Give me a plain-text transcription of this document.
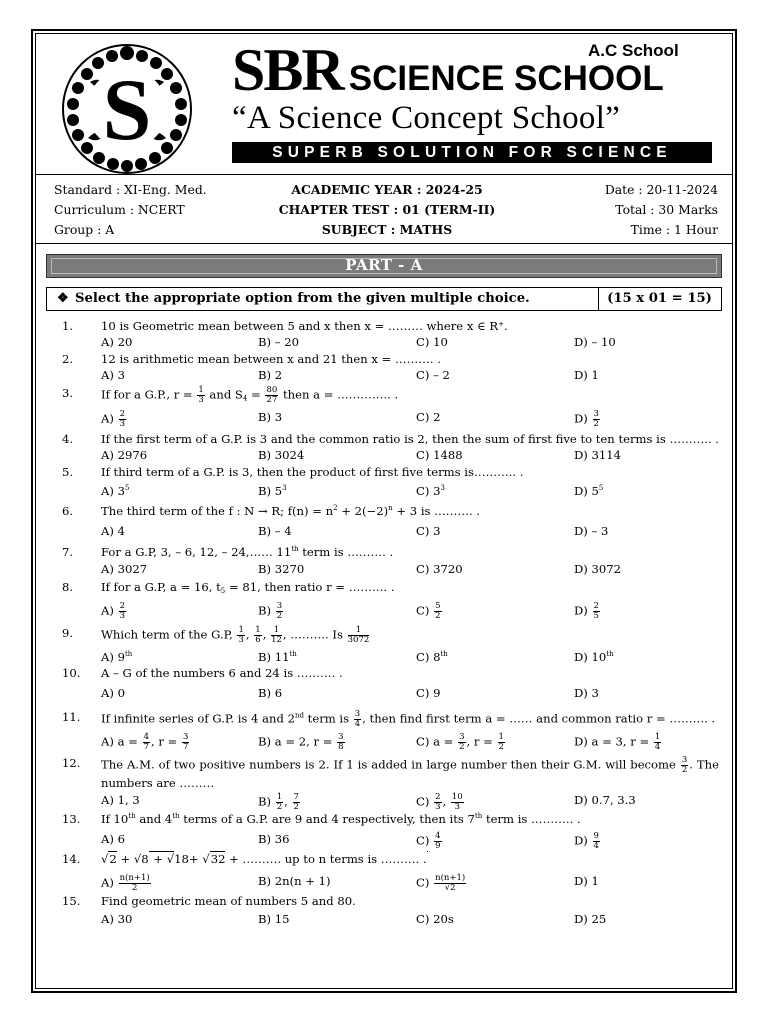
S
A.C School
SBR SCIENCE SCHOOL
“A Science Concept School”
SUPERB SOLUTION FOR SCIENCE
Standard : XI-Eng. Med.
Curriculum : NCERT
Group : A
ACADEMIC YEAR : 2024-25
CHAPTER TEST : 01 (TERM-II)
SUBJECT : MATHS
Date : 20-11-2024
Total : 30 Marks
Time : 1 Hour
PART - A
❖ Select the appropriate option from the given multiple choice.	(15 x 01 = 15)
1. 10 is Geometric mean between 5 and x then x = ……… where x ∈ R⁺.
A) 20	B) – 20	C) 10	D) – 10
2. 12 is arithmetic mean between x and 21 then x = ………. .
A) 3	B) 2	C) – 2	D) 1
3. If for a G.P., $r = \frac{1}{3}$ and $S_4 = \frac{80}{27}$ then a = ………….. .
$A) \frac{2}{3}$	B) 3	C) 2	$D) \frac{3}{2}$
4. If the first term of a G.P. is 3 and the common ratio is 2, then the sum of first five to ten terms is ……….. .
A) 2976	B) 3024	C) 1488	D) 3114
5. If third term of a G.P. is 3, then the product of first five terms is……….. .
A) $3^5$	B) $5^3$	C) $3^3$	D) $5^5$
6. The third term of the f : N → R; $f(n) = n^2 + 2(-2)^n + 3$ is ………. .
A) 4	B) – 4	C) 3	D) – 3
7. For a G.P, 3, – 6, 12, – 24,…… 11th term is ………. .
A) 3027	B) 3270	C) 3720	D) 3072
8. If for a G.P, a = 16, $t_5 = 81$, then ratio r = ………. .
$A) \frac{2}{3}$	$B) \frac{3}{2}$	$C) \frac{5}{2}$	$D) \frac{2}{5}$
9. Which term of the G.P, $\frac{1}{3}$ , $\frac{1}{6}$ , $\frac{1}{12}$ , ………. Is $\frac{1}{3072}$
A) 9th	B) 11th	C) 8th	D) 10th
10. A – G of the numbers 6 and 24 is ………. .
A) 0	B) 6	C) 9	D) 3
11. If infinite series of G.P. is 4 and 2nd term is $\frac{3}{4}$ , then find first term a = …… and common ratio r = ………. .
A) $a = \frac{4}{7}$ , $r = \frac{3}{7}$	B) a = 2, $r = \frac{3}{8}$	C) $a = \frac{3}{2}$ , $r = \frac{1}{2}$	D) a = 3, $r = \frac{1}{4}$
12. The A.M. of two positive numbers is 2. If 1 is added in large number then their G.M. will become $\frac{3}{2}$ . The numbers are ………
A) 1, 3	$B) \frac{1}{2}$ , $\frac{7}{2}$	$C) \frac{2}{3}$ , $\frac{10}{3}$	D) 0.7, 3.3
13. If 10th and 4th terms of a G.P. are 9 and 4 respectively, then its 7th term is ……….. .
A) 6	B) 36	$C) \frac{4}{9}$	$D) \frac{9}{4}$
14. √2 + √8 + √18+ √32 + ………. up to n terms is ………. .
$A) \frac{n(n+1)}{2}$	B) 2n(n + 1)	$C) \frac{n(n+1)}{√2}$	D) 1
15. Find geometric mean of numbers 5 and 80.
A) 30	B) 15	C) 20s	D) 25
